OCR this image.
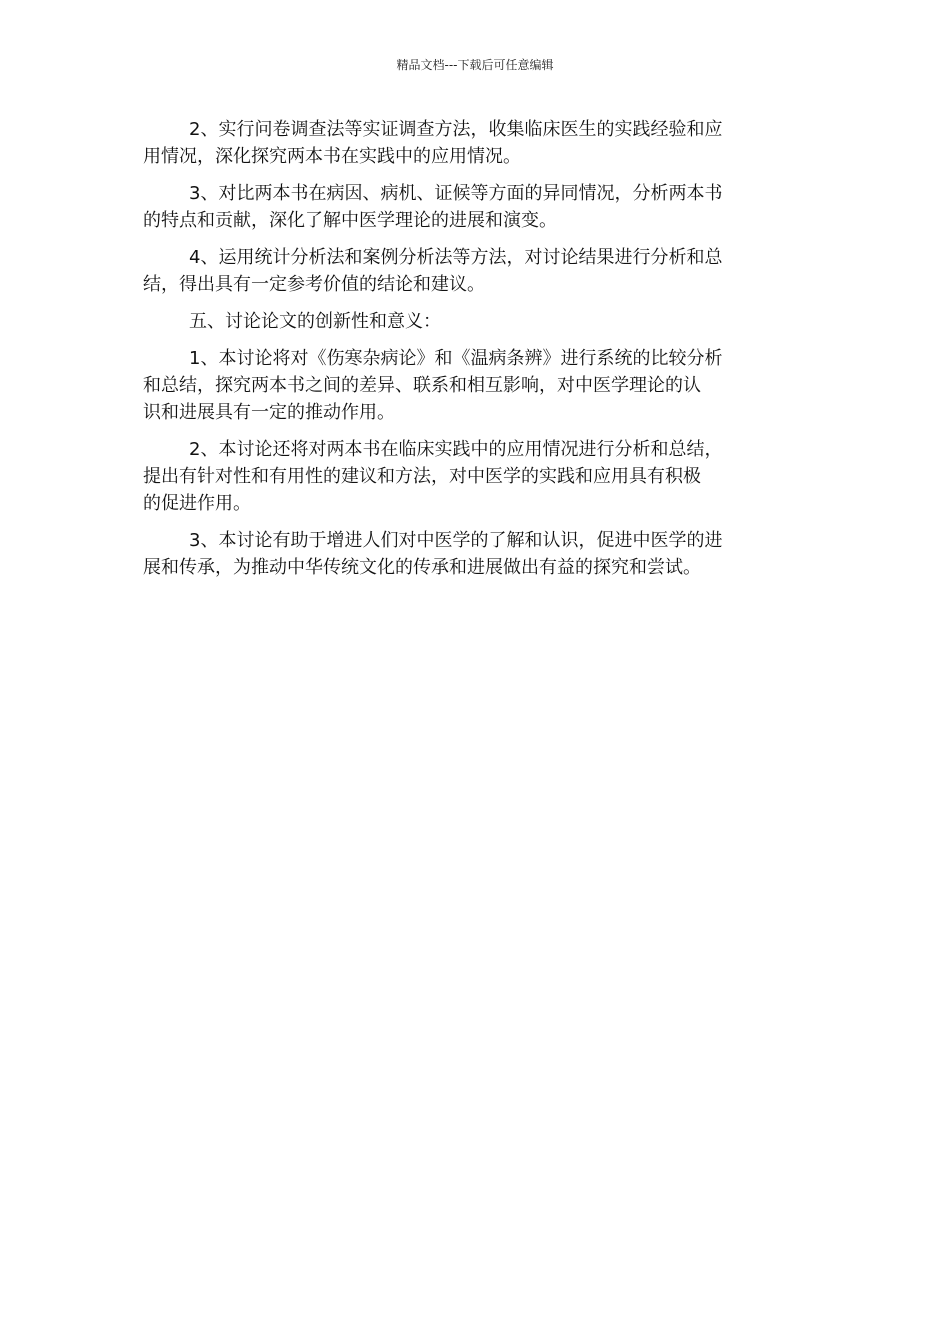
精品文档---下载后可任意编辑

2、实行问卷调查法等实证调查方法，收集临床医生的实践经验和应
用情况，深化探究两本书在实践中的应用情况。

3、对比两本书在病因、病机、证候等方面的异同情况，分析两本书
的特点和贡献，深化了解中医学理论的进展和演变。

4、运用统计分析法和案例分析法等方法，对讨论结果进行分析和总
结，得出具有一定参考价值的结论和建议。

五、讨论论文的创新性和意义：

1、本讨论将对《伤寒杂病论》和《温病条辨》进行系统的比较分析
和总结，探究两本书之间的差异、联系和相互影响，对中医学理论的认
识和进展具有一定的推动作用。

2、本讨论还将对两本书在临床实践中的应用情况进行分析和总结，
提出有针对性和有用性的建议和方法，对中医学的实践和应用具有积极
的促进作用。

3、本讨论有助于增进人们对中医学的了解和认识，促进中医学的进
展和传承，为推动中华传统文化的传承和进展做出有益的探究和尝试。
